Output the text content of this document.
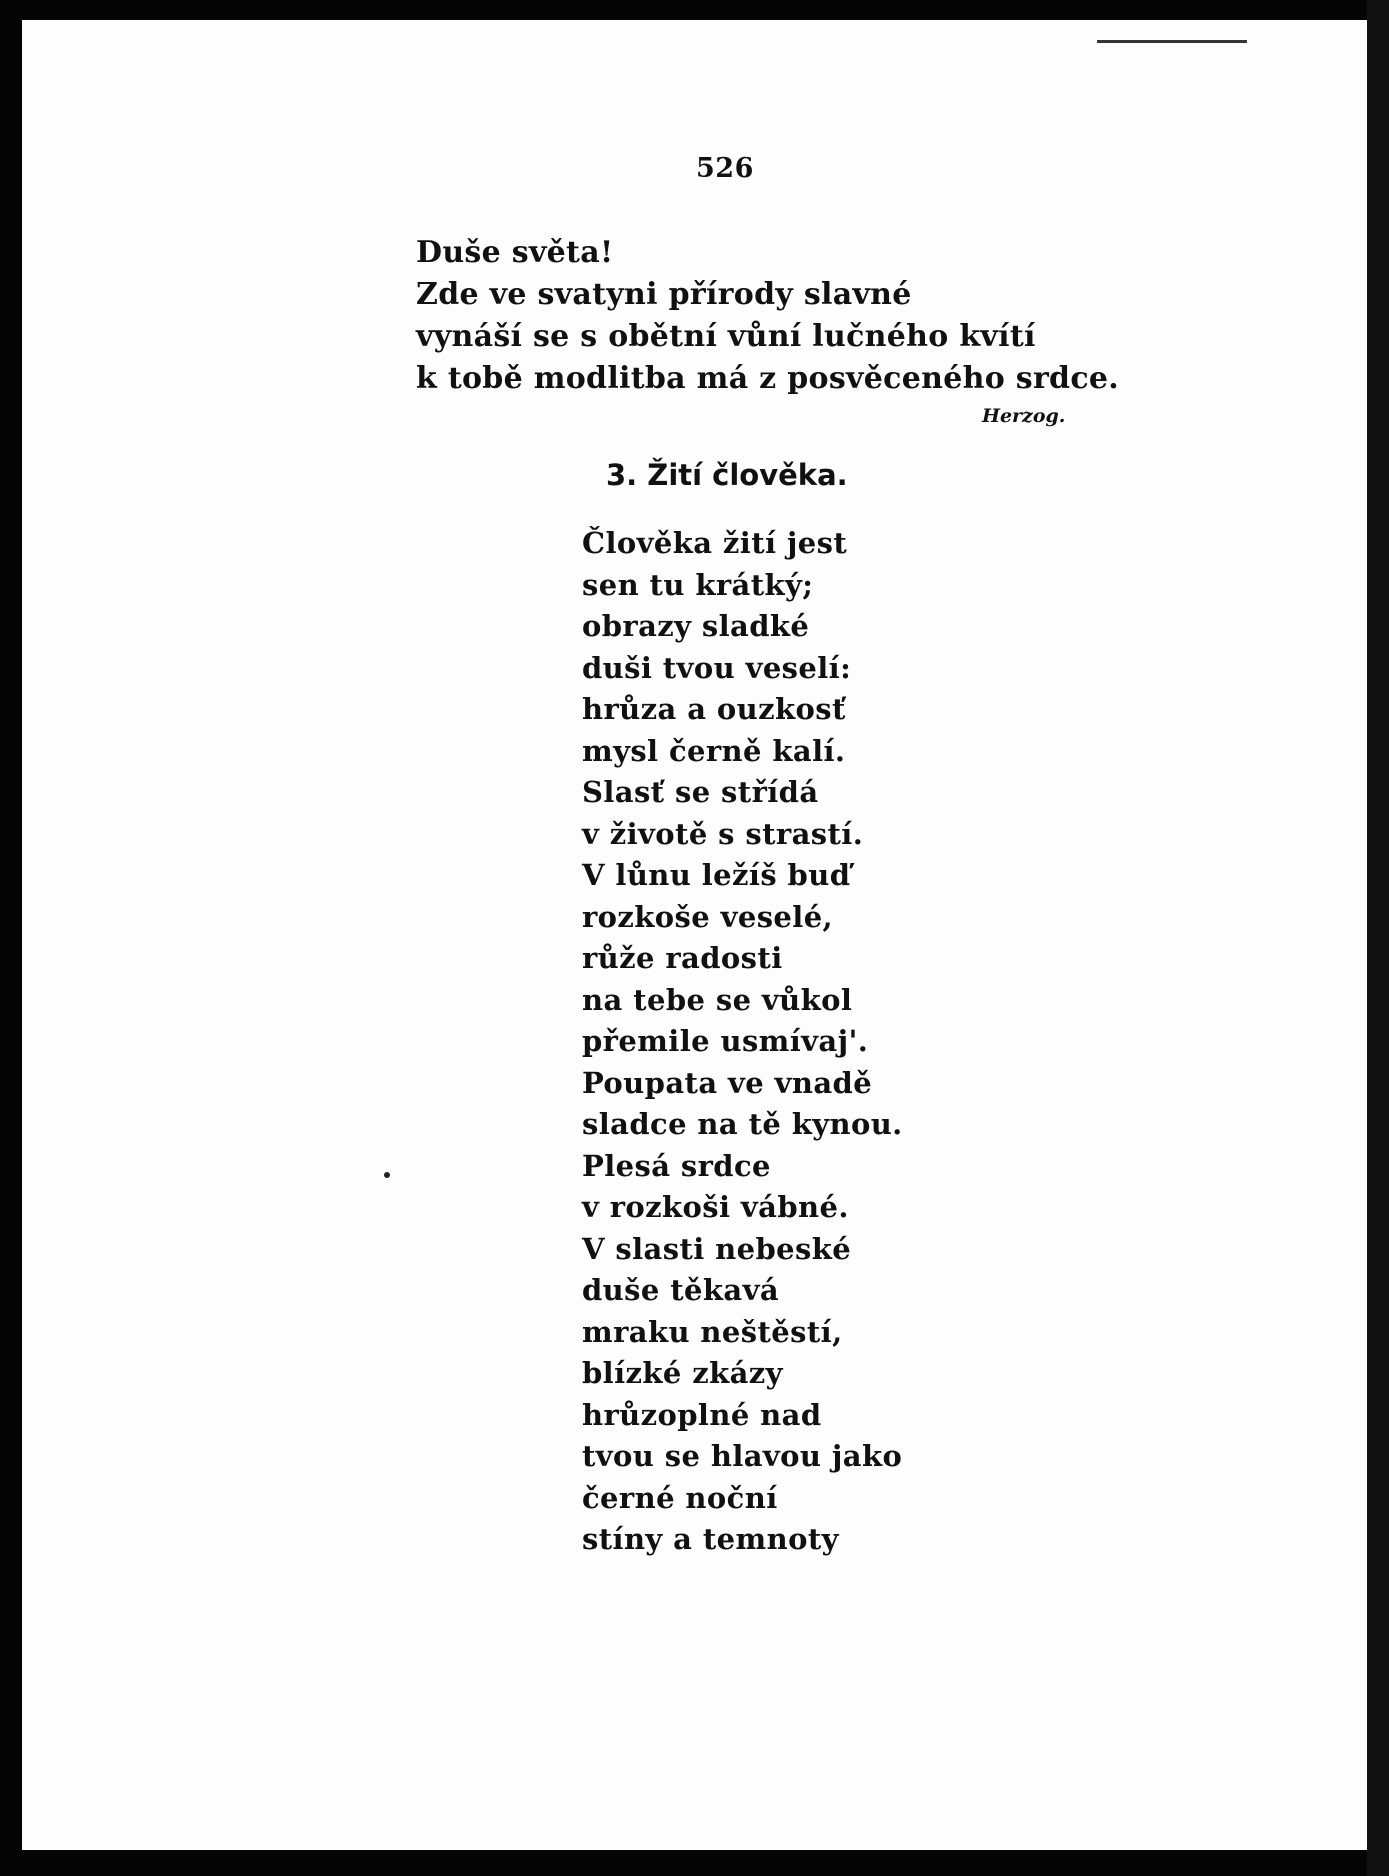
526
Duše světa!
Zde ve svatyni přírody slavné
vynáší se s obětní vůní lučného kvítí
k tobě modlitba má z posvěceného srdce.
Herzog.
3. Žití člověka.
Člověka žití jest
sen tu krátký;
obrazy sladké
duši tvou veselí:
hrůza a ouzkosť
mysl černě kalí.
Slasť se střídá
v životě s strastí.
V lůnu ležíš buď
rozkoše veselé,
růže radosti
na tebe se vůkol
přemile usmívaj'.
Poupata ve vnadě
sladce na tě kynou.
Plesá srdce
v rozkoši vábné.
V slasti nebeské
duše těkavá
mraku neštěstí,
blízké zkázy
hrůzoplné nad
tvou se hlavou jako
černé noční
stíny a temnoty
